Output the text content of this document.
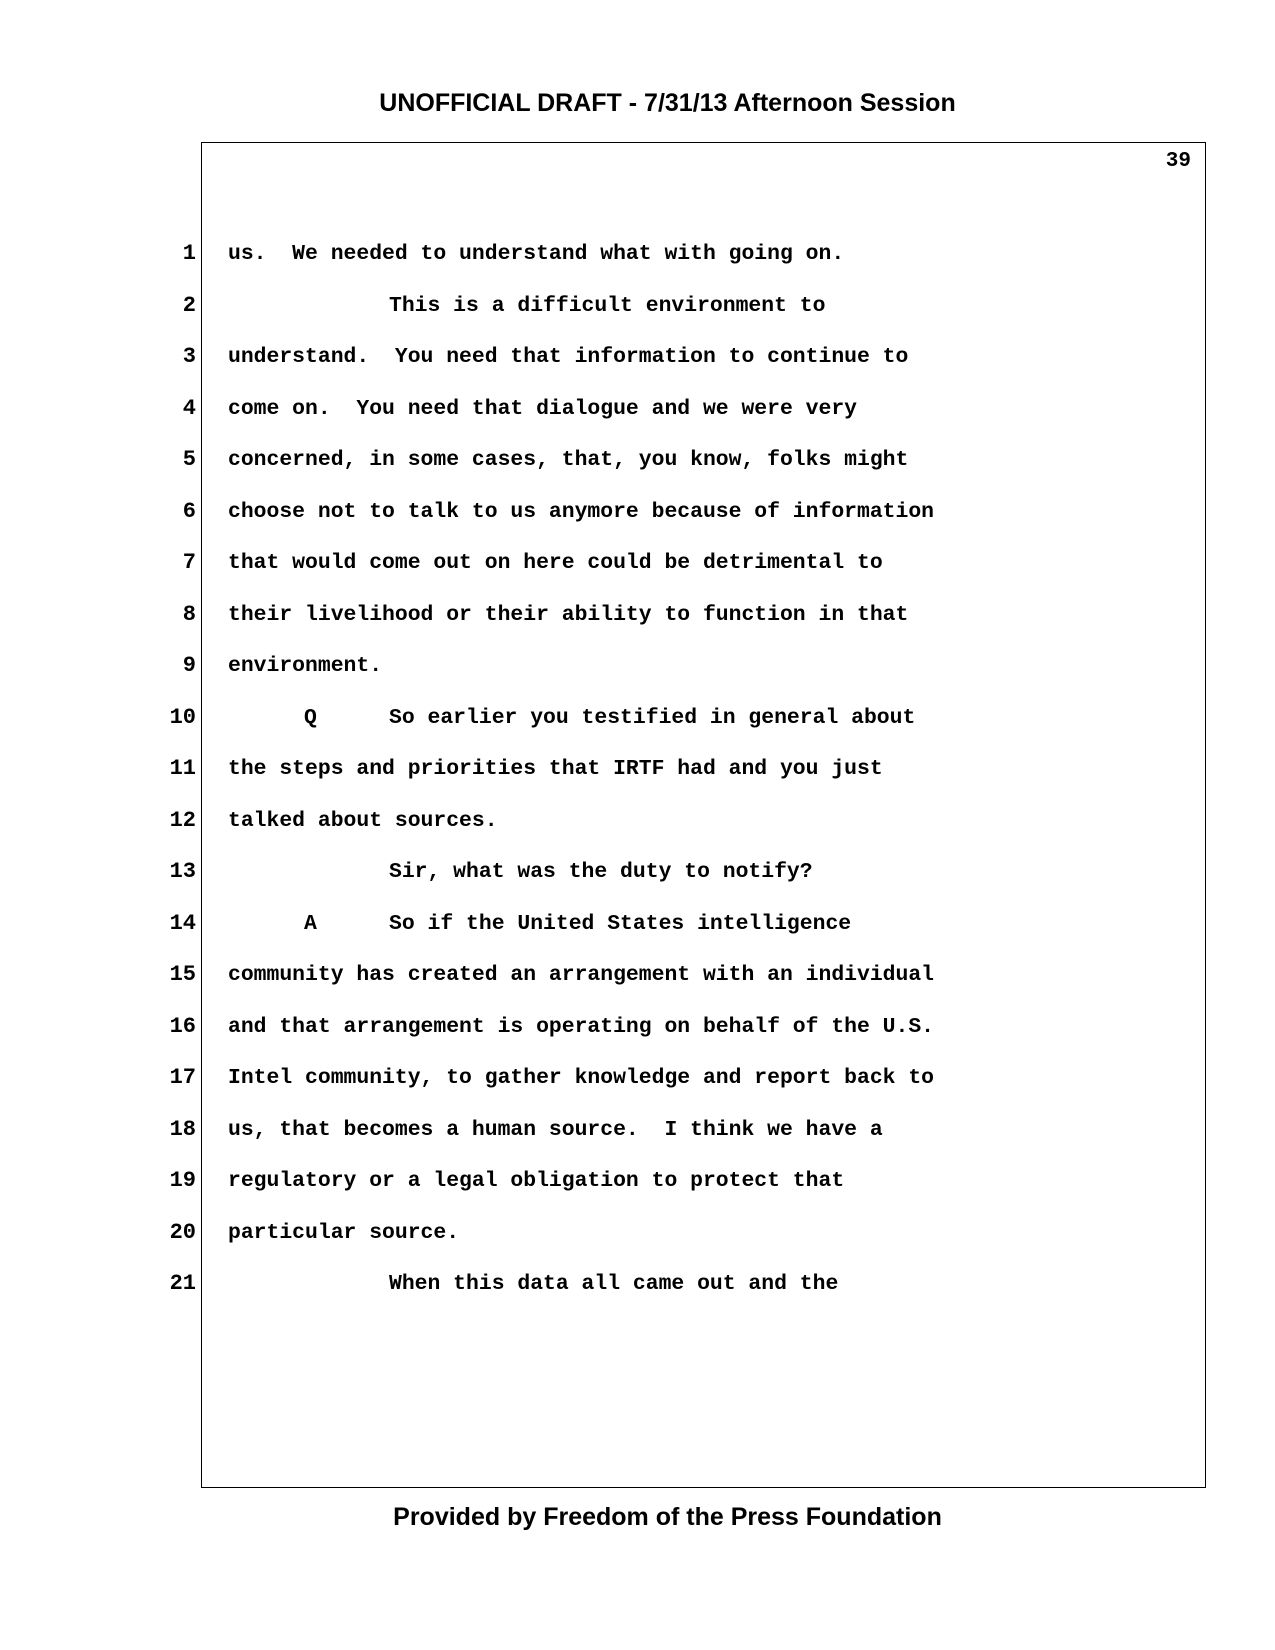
UNOFFICIAL DRAFT - 7/31/13 Afternoon Session
39
1 us.  We needed to understand what with going on.
2	This is a difficult environment to
3 understand.  You need that information to continue to
4 come on.  You need that dialogue and we were very
5 concerned, in some cases, that, you know, folks might
6 choose not to talk to us anymore because of information
7 that would come out on here could be detrimental to
8 their livelihood or their ability to function in that
9 environment.
10	Q	So earlier you testified in general about
11 the steps and priorities that IRTF had and you just
12 talked about sources.
13	Sir, what was the duty to notify?
14	A	So if the United States intelligence
15 community has created an arrangement with an individual
16 and that arrangement is operating on behalf of the U.S.
17 Intel community, to gather knowledge and report back to
18 us, that becomes a human source.  I think we have a
19 regulatory or a legal obligation to protect that
20 particular source.
21	When this data all came out and the
Provided by Freedom of the Press Foundation
